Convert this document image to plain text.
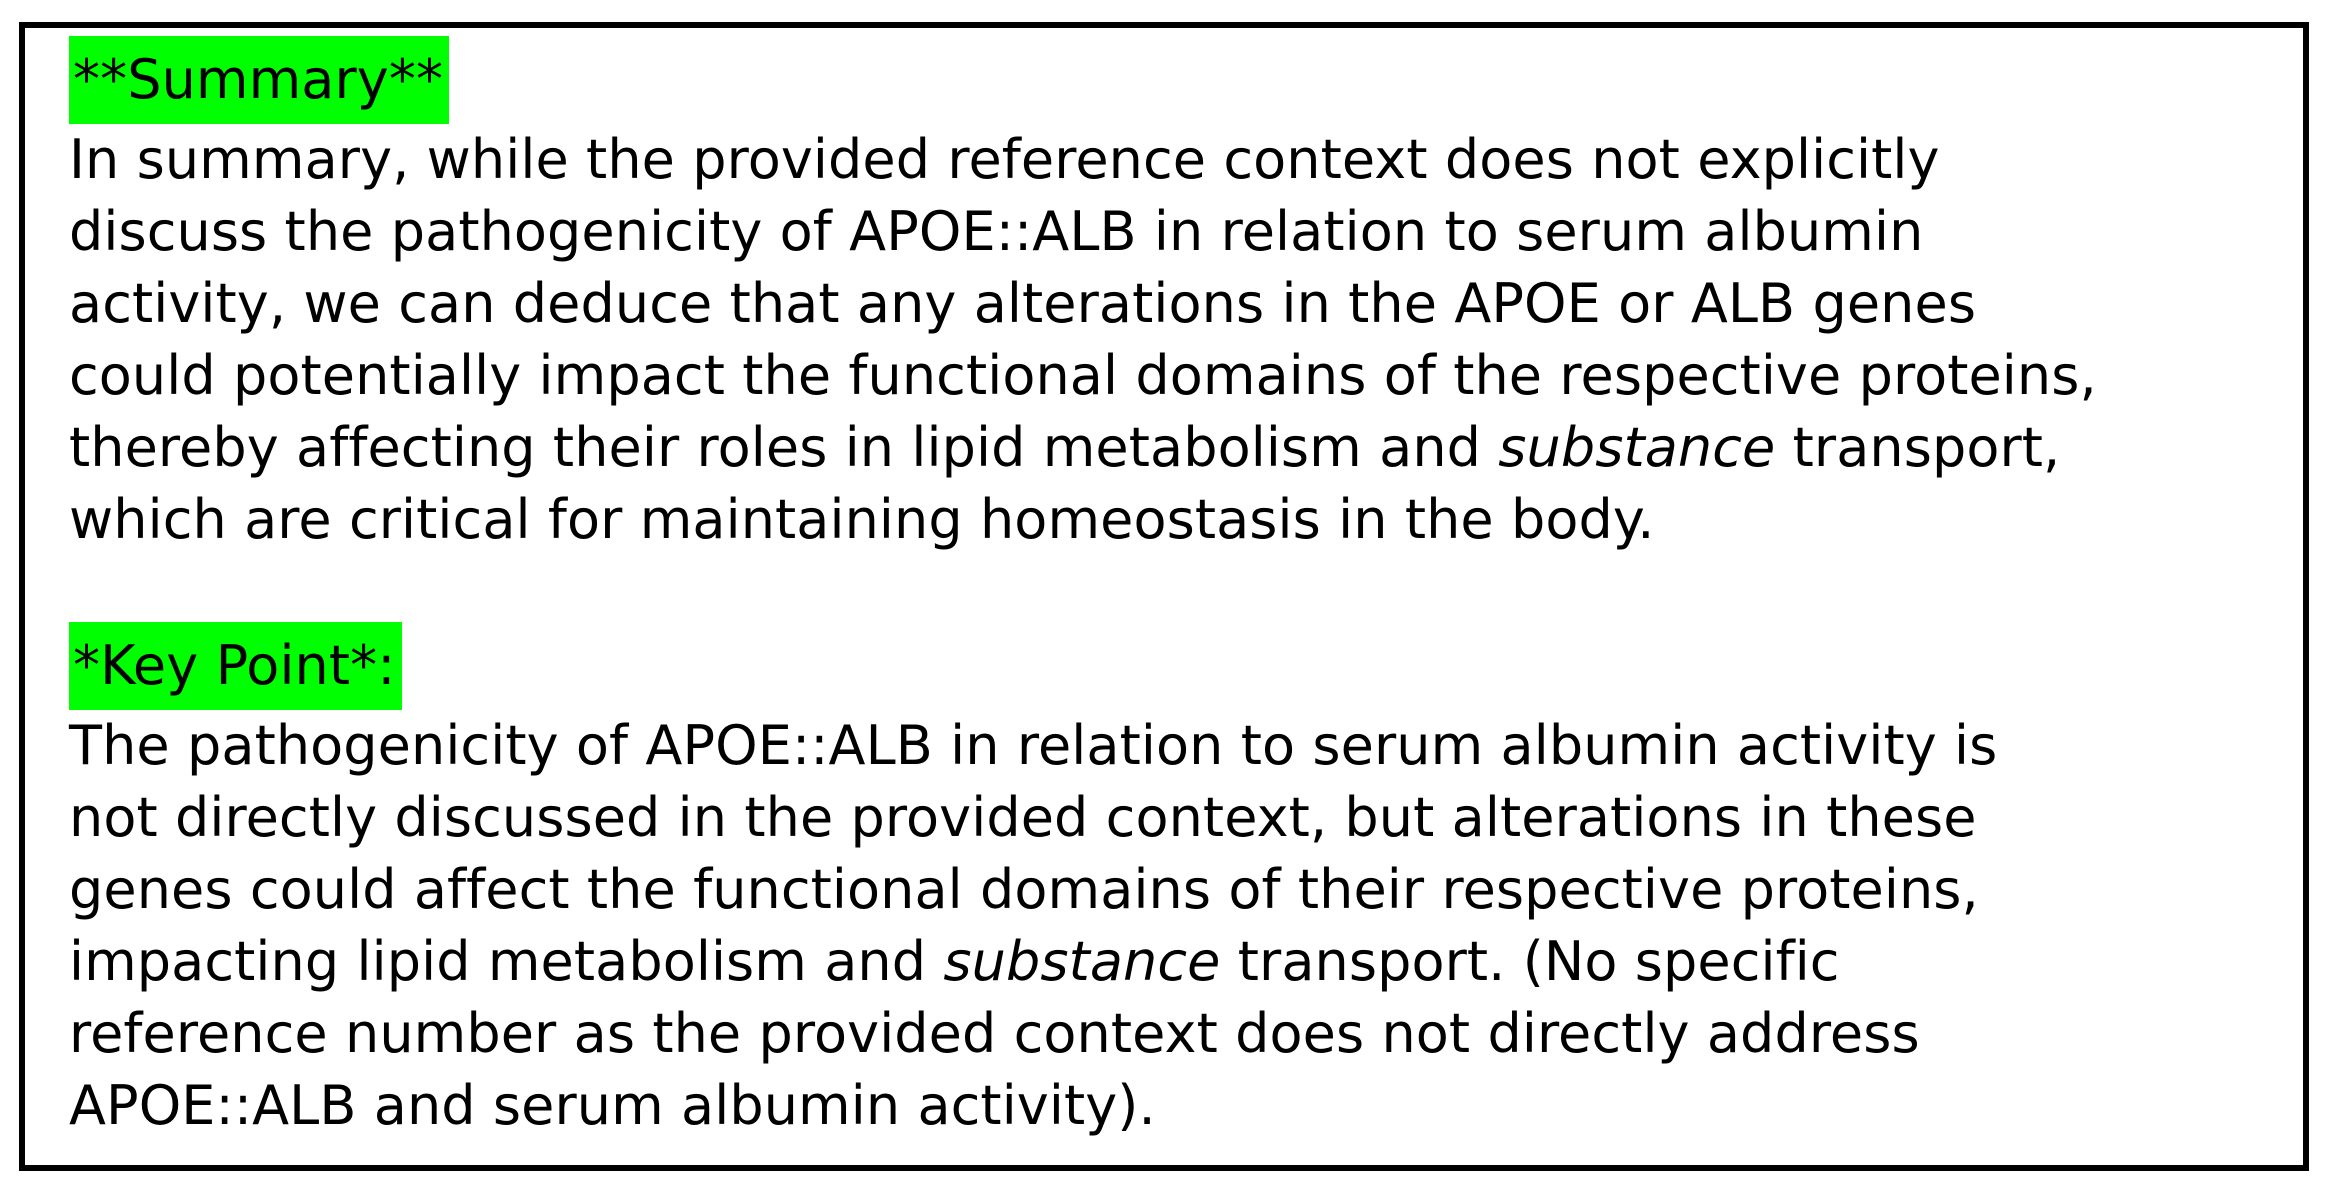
**Summary**
In summary, while the provided reference context does not explicitly
discuss the pathogenicity of APOE::ALB in relation to serum albumin
activity, we can deduce that any alterations in the APOE or ALB genes
could potentially impact the functional domains of the respective proteins,
thereby affecting their roles in lipid metabolism and substance transport,
which are critical for maintaining homeostasis in the body.
*Key Point*:
The pathogenicity of APOE::ALB in relation to serum albumin activity is
not directly discussed in the provided context, but alterations in these
genes could affect the functional domains of their respective proteins,
impacting lipid metabolism and substance transport. (No specific
reference number as the provided context does not directly address
APOE::ALB and serum albumin activity).
